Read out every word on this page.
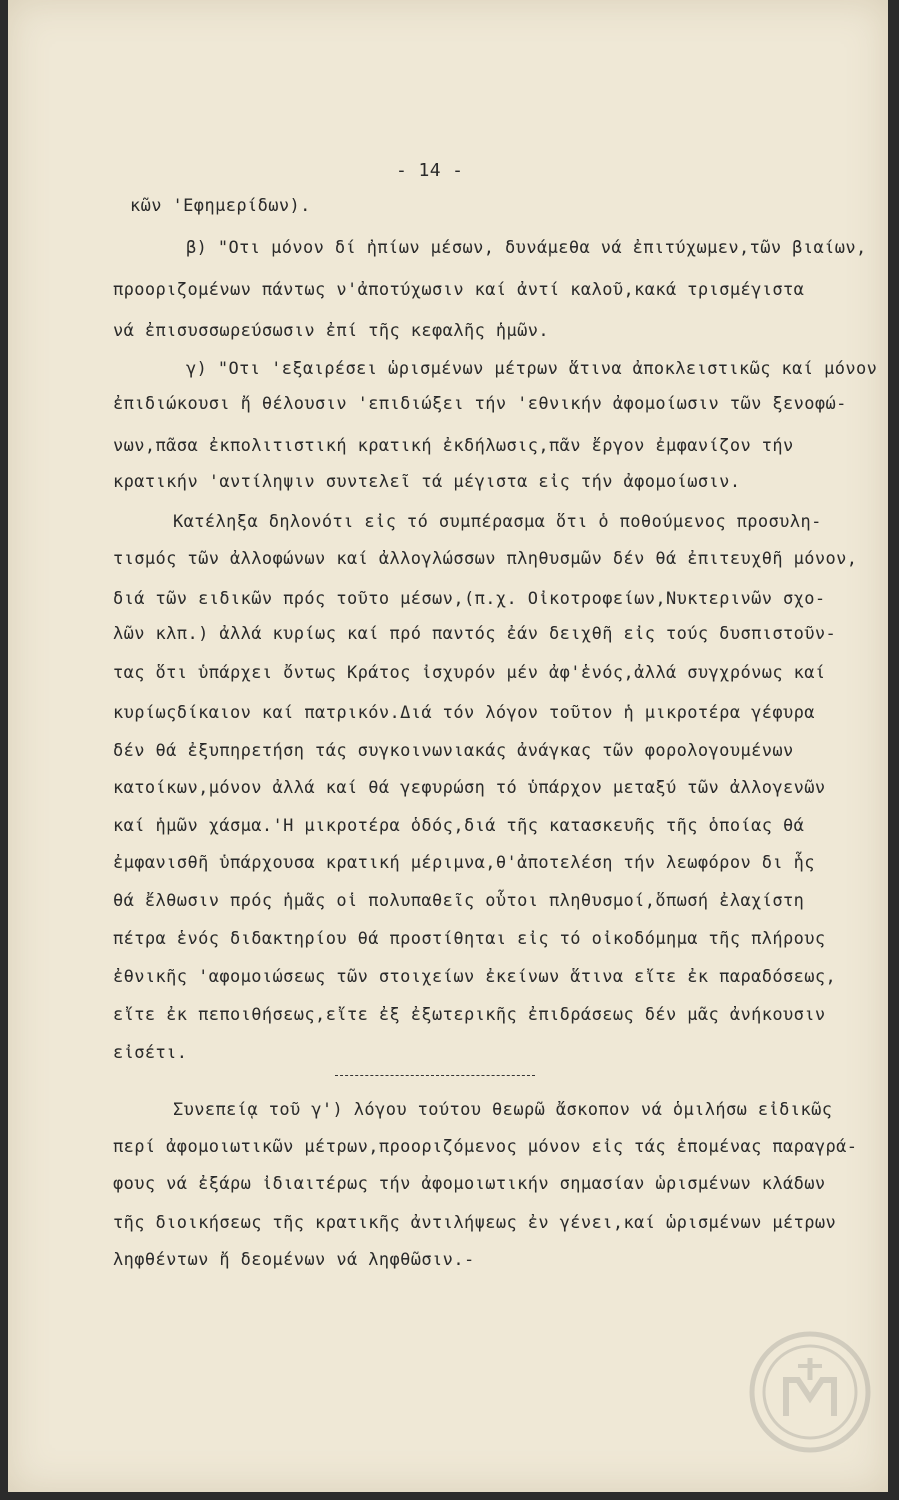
- 14 -
κῶν 'Εφημερίδων).
β) "Οτι μόνον δί ἠπίων μέσων, δυνάμεθα νά ἐπιτύχωμεν,τῶν βιαίων,
προοριζομένων πάντως ν'ἀποτύχωσιν καί ἀντί καλοῦ,κακά τρισμέγιστα
νά ἐπισυσσωρεύσωσιν ἐπί τῆς κεφαλῆς ἡμῶν.
γ) "Οτι 'εξαιρέσει ὡρισμένων μέτρων ἅτινα ἀποκλειστικῶς καί μόνον
ἐπιδιώκουσι ἤ θέλουσιν 'επιδιώξει τήν 'εθνικήν ἀφομοίωσιν τῶν ξενοφώ-
νων,πᾶσα ἐκπολιτιστική κρατική ἐκδήλωσις,πᾶν ἔργον ἐμφανίζον τήν
κρατικήν 'αντίληψιν συντελεῖ τά μέγιστα εἰς τήν ἀφομοίωσιν.
Κατέληξα δηλονότι εἰς τό συμπέρασμα ὅτι ὁ ποθούμενος προσυλη-
τισμός τῶν ἀλλοφώνων καί ἀλλογλώσσων πληθυσμῶν δέν θά ἐπιτευχθῆ μόνον,
διά τῶν ειδικῶν πρός τοῦτο μέσων,(π.χ. Οἰκοτροφείων,Νυκτερινῶν σχο-
λῶν κλπ.) ἀλλά κυρίως καί πρό παντός ἐάν δειχθῆ εἰς τούς δυσπιστοῦν-
τας ὅτι ὑπάρχει ὄντως Κράτος ἰσχυρόν μέν ἀφ'ἑνός,ἀλλά συγχρόνως καί
κυρίωςδίκαιον καί πατρικόν.Διά τόν λόγον τοῦτον ἡ μικροτέρα γέφυρα
δέν θά ἐξυπηρετήση τάς συγκοινωνιακάς ἀνάγκας τῶν φορολογουμένων
κατοίκων,μόνον ἀλλά καί θά γεφυρώση τό ὑπάρχον μεταξύ τῶν ἀλλογενῶν
καί ἡμῶν χάσμα.'Η μικροτέρα ὁδός,διά τῆς κατασκευῆς τῆς ὁποίας θά
ἐμφανισθῆ ὑπάρχουσα κρατική μέριμνα,θ'ἀποτελέση τήν λεωφόρον δι ἧς
θά ἔλθωσιν πρός ἡμᾶς οἱ πολυπαθεῖς οὗτοι πληθυσμοί,ὅπωσή ἐλαχίστη
πέτρα ἑνός διδακτηρίου θά προστίθηται εἰς τό οἰκοδόμημα τῆς πλήρους
ἐθνικῆς 'αφομοιώσεως τῶν στοιχείων ἐκείνων ἅτινα εἴτε ἐκ παραδόσεως,
εἴτε ἐκ πεποιθήσεως,εἴτε ἐξ ἐξωτερικῆς ἐπιδράσεως δέν μᾶς ἀνήκουσιν
εἰσέτι.
Συνεπείᾳ τοῦ γ') λόγου τούτου θεωρῶ ἄσκοπον νά ὁμιλήσω εἰδικῶς
περί ἀφομοιωτικῶν μέτρων,προοριζόμενος μόνον εἰς τάς ἑπομένας παραγρά-
φους νά ἐξάρω ἰδιαιτέρως τήν ἀφομοιωτικήν σημασίαν ὡρισμένων κλάδων
τῆς διοικήσεως τῆς κρατικῆς ἀντιλήψεως ἐν γένει,καί ὡρισμένων μέτρων
ληφθέντων ἤ δεομένων νά ληφθῶσιν.-
